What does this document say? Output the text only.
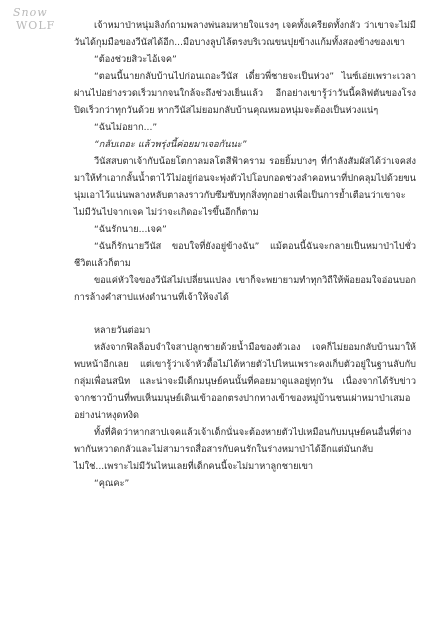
Snow
WOLF	เจ้าหมาป่าหนุ่มลิงก์ถามพลางพ่นลมหายใจแรงๆ เจคทั้งเครียดทั้งกลัว ว่าเขาจะไม่มีวันได้กุมมือของวีนัสได้อีก...มือบางลูบไล้ตรงบริเวณขนปุยข้างแก้มทั้งสองข้างของเขา

“ต้องช่วยสิวะไอ้เจค”

“ตอนนี้นายกลับบ้านไปก่อนเถอะวีนัส เดี๋ยวพี่ชายจะเป็นห่วง” ไนซ์เอ่ยเพราะเวลาผ่านไปอย่างรวดเร็วมากจนใกล้จะถึงช่วงเย็นแล้ว อีกอย่างเขารู้ว่าวันนี้คลิฟตันของโรงปิดเร็วกว่าทุกวันด้วย หากวีนัสไม่ยอมกลับบ้านคุณหมอหนุ่มจะต้องเป็นห่วงแน่ๆ

“ฉันไม่อยาก...”

“กลับเถอะ แล้วพรุ่งนี้ค่อยมาเจอกันนะ”

วีนัสสบตาเจ้ากับน้อยโตกาลมลโตสีฟ้าคราม รอยยิ้มบางๆ ที่กำลังสัมผัสได้ว่าเจคส่งมาให้ทำเอากลั้นน้ำตาไว้ไม่อยู่ก่อนจะพุ่งตัวไปโอบกอดช่วงลำคอหนาที่ปกคลุมไปด้วยขนนุ่มเอาไว้แน่นพลางหลับตาลงราวกับซึมซับทุกสิ่งทุกอย่างเพื่อเป็นการย้ำเตือนว่าเขาจะไม่มีวันไปจากเจค ไม่ว่าจะเกิดอะไรขึ้นอีกก็ตาม

“ฉันรักนาย...เจค”

“ฉันก็รักนายวีนัส ขอบใจที่ยังอยู่ข้างฉัน” แม้ตอนนี้ฉันจะกลายเป็นหมาป่าไปชั่วชีวิตแล้วก็ตาม

ขอแค่หัวใจของวีนัสไม่เปลี่ยนแปลง เขาก็จะพยายามทำทุกวิถีให้พ้อยอมใจอ่อนบอกการล้างคำสาปแห่งดำนานที่เจ้าให้จงได้

หลายวันต่อมา

หลังจากฟิลล็อบจำใจสาปลูกชายด้วยน้ำมือของตัวเอง เจคก็ไม่ยอมกลับบ้านมาให้พบหน้าอีกเลย แต่เขารู้ว่าเจ้าหัวดื้อไม่ได้หายตัวไปไหนเพราะคงเก็บตัวอยู่ในฐานลับกับกลุ่มเพื่อนสนิท และน่าจะมีเด็กมนุษย์คนนั้นที่คอยมาดูแลอยู่ทุกวัน เนื่องจากได้รับข่าวจากชาวบ้านที่พบเห็นมนุษย์เดินเข้าออกตรงปากทางเข้าของหมู่บ้านชนเผ่าหมาป่าเสมออย่างน่าหงุดหงิด

ทั้งที่คิดว่าหากสาปเจคแล้วเจ้าเด็กนั่นจะต้องหายตัวไปเหมือนกับมนุษย์คนอื่นที่ต่างพากันหวาดกลัวและไม่สามารถสื่อสารกับคนรักในร่างหมาป่าได้อีกแต่มันกลับไม่ใช่...เพราะไม่มีวันไหนเลยที่เด็กคนนี้จะไม่มาหาลูกชายเขา

“คุณคะ”
